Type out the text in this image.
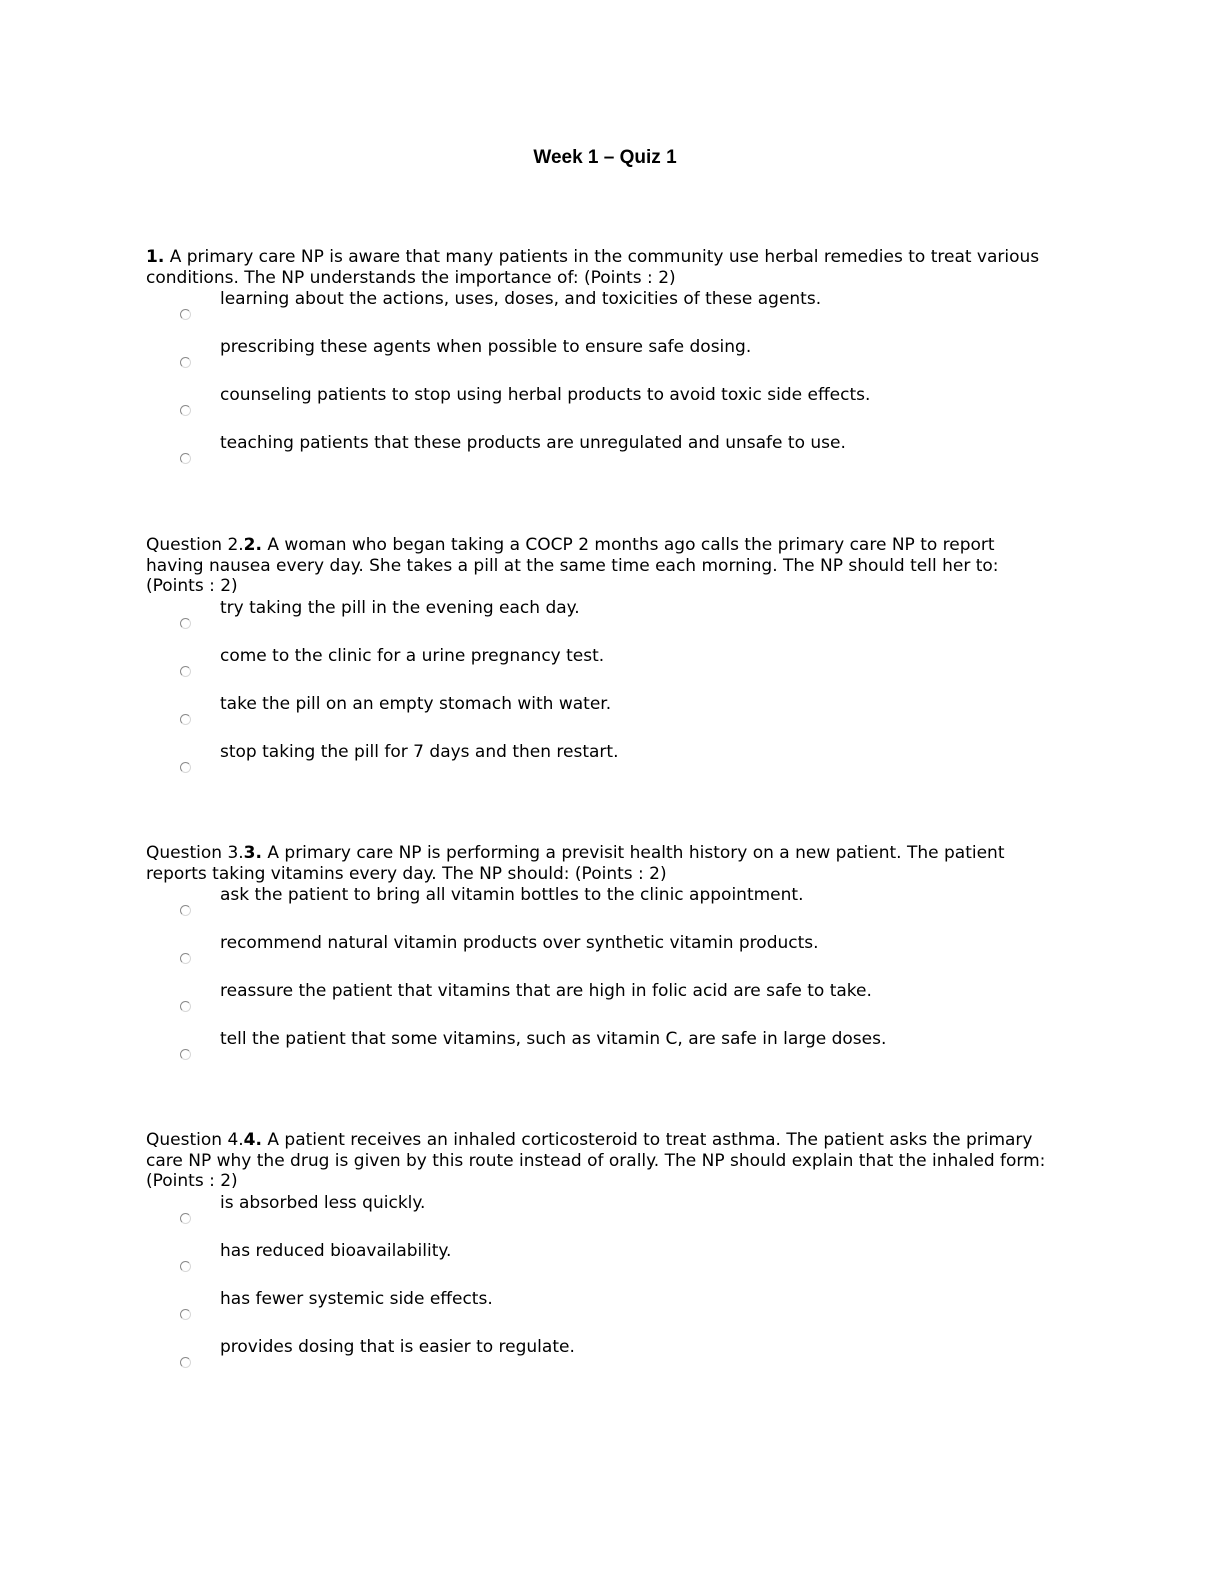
Week 1 – Quiz 1

1. A primary care NP is aware that many patients in the community use herbal remedies to treat various conditions. The NP understands the importance of: (Points : 2)

learning about the actions, uses, doses, and toxicities of these agents.
prescribing these agents when possible to ensure safe dosing.
counseling patients to stop using herbal products to avoid toxic side effects.
teaching patients that these products are unregulated and unsafe to use.

Question 2.2. A woman who began taking a COCP 2 months ago calls the primary care NP to report having nausea every day. She takes a pill at the same time each morning. The NP should tell her to: (Points : 2)

try taking the pill in the evening each day.
come to the clinic for a urine pregnancy test.
take the pill on an empty stomach with water.
stop taking the pill for 7 days and then restart.

Question 3.3. A primary care NP is performing a previsit health history on a new patient. The patient reports taking vitamins every day. The NP should: (Points : 2)

ask the patient to bring all vitamin bottles to the clinic appointment.
recommend natural vitamin products over synthetic vitamin products.
reassure the patient that vitamins that are high in folic acid are safe to take.
tell the patient that some vitamins, such as vitamin C, are safe in large doses.

Question 4.4. A patient receives an inhaled corticosteroid to treat asthma. The patient asks the primary care NP why the drug is given by this route instead of orally. The NP should explain that the inhaled form: (Points : 2)

is absorbed less quickly.
has reduced bioavailability.
has fewer systemic side effects.
provides dosing that is easier to regulate.
